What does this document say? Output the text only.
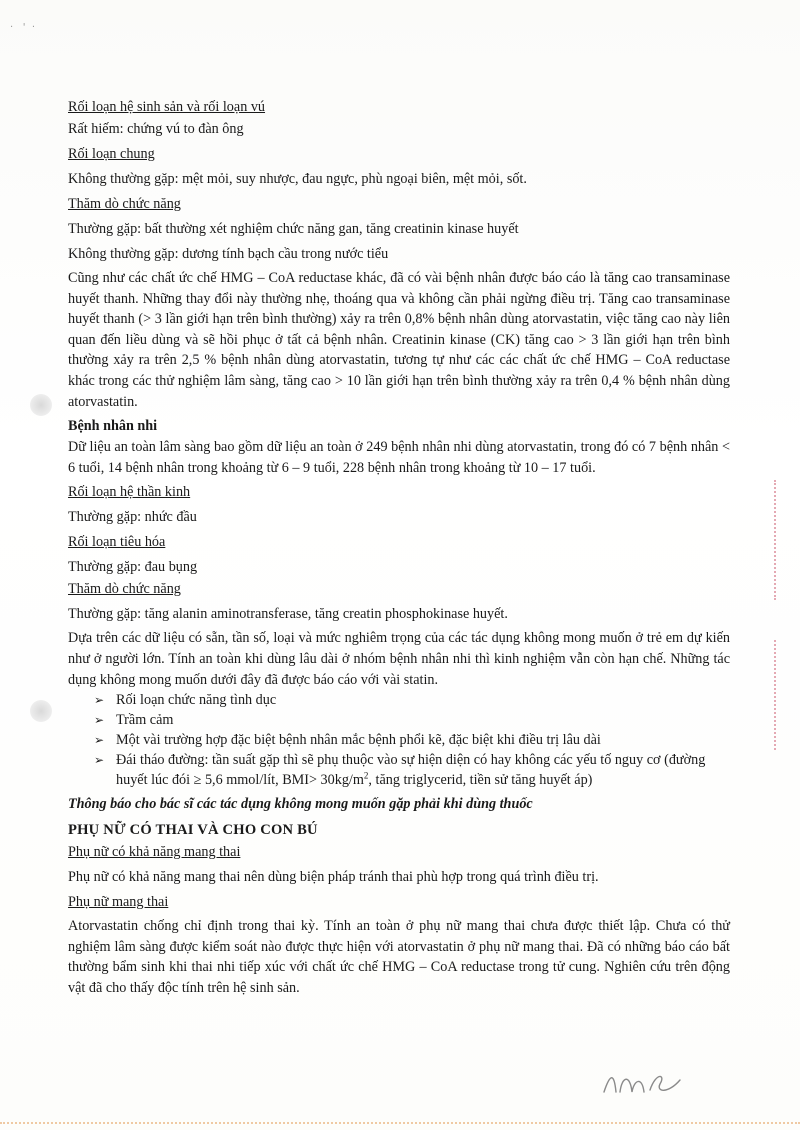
·   '  ·

Rối loạn hệ sinh sản và rối loạn vú

Rất hiếm: chứng vú to đàn ông

Rối loạn chung

Không thường gặp: mệt mỏi, suy nhược, đau ngực, phù ngoại biên, mệt mỏi, sốt.

Thăm dò chức năng

Thường gặp: bất thường xét nghiệm chức năng gan, tăng creatinin kinase huyết

Không thường gặp: dương tính bạch cầu trong nước tiểu

Cũng như các chất ức chế HMG – CoA reductase khác, đã có vài bệnh nhân được báo cáo là tăng cao transaminase huyết thanh. Những thay đổi này thường nhẹ, thoáng qua và không cần phải ngừng điều trị. Tăng cao transaminase huyết thanh (> 3 lần giới hạn trên bình thường) xảy ra trên 0,8% bệnh nhân dùng atorvastatin, việc tăng cao này liên quan đến liều dùng và sẽ hồi phục ở tất cả bệnh nhân. Creatinin kinase (CK) tăng cao > 3 lần giới hạn trên bình thường xảy ra trên 2,5 % bệnh nhân dùng atorvastatin, tương tự như các các chất ức chế HMG – CoA reductase khác trong các thử nghiệm lâm sàng, tăng cao > 10 lần giới hạn trên bình thường xảy ra trên 0,4 % bệnh nhân dùng atorvastatin.

Bệnh nhân nhi

Dữ liệu an toàn lâm sàng bao gồm dữ liệu an toàn ở 249 bệnh nhân nhi dùng atorvastatin, trong đó có 7 bệnh nhân < 6 tuổi, 14 bệnh nhân trong khoảng từ 6 – 9 tuổi, 228 bệnh nhân trong khoảng từ 10 – 17 tuổi.

Rối loạn hệ thần kinh

Thường gặp: nhức đầu

Rối loạn tiêu hóa

Thường gặp: đau bụng

Thăm dò chức năng

Thường gặp: tăng alanin aminotransferase, tăng creatin phosphokinase huyết.

Dựa trên các dữ liệu có sẵn, tần số, loại và mức nghiêm trọng của các tác dụng không mong muốn ở trẻ em dự kiến như ở người lớn. Tính an toàn khi dùng lâu dài ở nhóm bệnh nhân nhi thì kinh nghiệm vẫn còn hạn chế. Những tác dụng không mong muốn dưới đây đã được báo cáo với vài statin.

➢ Rối loạn chức năng tình dục
➢ Trầm cảm
➢ Một vài trường hợp đặc biệt bệnh nhân mắc bệnh phổi kẽ, đặc biệt khi điều trị lâu dài
➢ Đái tháo đường: tần suất gặp thì sẽ phụ thuộc vào sự hiện diện có hay không các yếu tố nguy cơ (đường huyết lúc đói ≥ 5,6 mmol/lít, $BMI> 30kg/m^2$, tăng triglycerid, tiền sử tăng huyết áp)

Thông báo cho bác sĩ các tác dụng không mong muốn gặp phải khi dùng thuốc

PHỤ NỮ CÓ THAI VÀ CHO CON BÚ

Phụ nữ có khả năng mang thai

Phụ nữ có khả năng mang thai nên dùng biện pháp tránh thai phù hợp trong quá trình điều trị.

Phụ nữ mang thai

Atorvastatin chống chỉ định trong thai kỳ. Tính an toàn ở phụ nữ mang thai chưa được thiết lập. Chưa có thử nghiệm lâm sàng được kiểm soát nào được thực hiện với atorvastatin ở phụ nữ mang thai. Đã có những báo cáo bất thường bẩm sinh khi thai nhi tiếp xúc với chất ức chế HMG – CoA reductase trong tử cung. Nghiên cứu trên động vật đã cho thấy độc tính trên hệ sinh sản.
